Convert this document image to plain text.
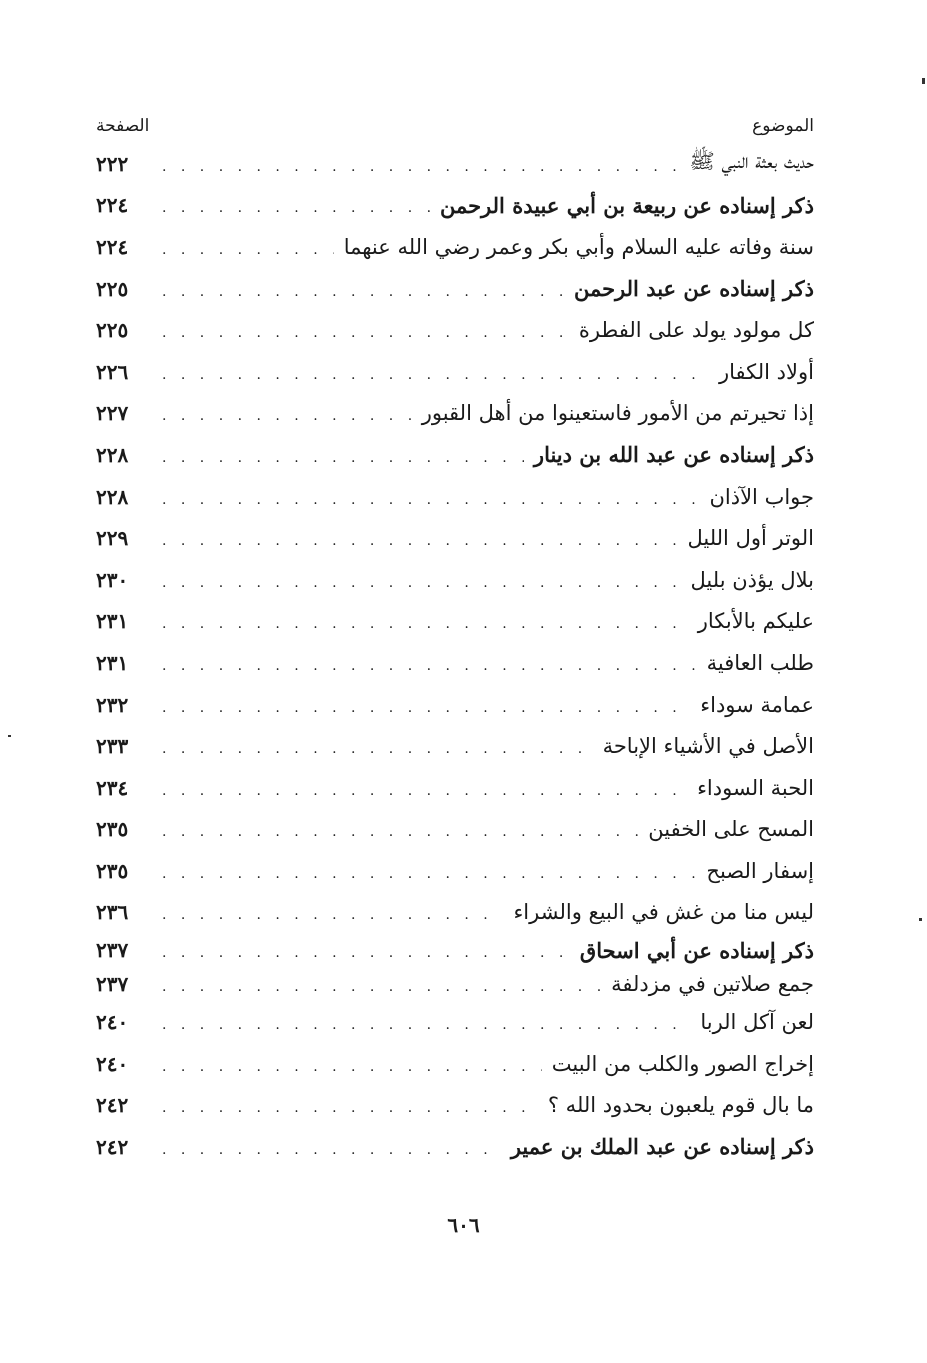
الموضوع
الصفحة
حديث بعثة النبي ﷺ
. . .
٢٢٢
ذكر إسناده عن ربيعة بن أبي عبيدة الرحمن
. . .
٢٢٤
سنة وفاته عليه السلام وأبي بكر وعمر رضي الله عنهما
. . .
٢٢٤
ذكر إسناده عن عبد الرحمن
. . .
٢٢٥
كل مولود يولد على الفطرة
. . .
٢٢٥
أولاد الكفار
. . .
٢٢٦
إذا تحيرتم من الأمور فاستعينوا من أهل القبور
. . .
٢٢٧
ذكر إسناده عن عبد الله بن دينار
. . .
٢٢٨
جواب الآذان
. . .
٢٢٨
الوتر أول الليل
. . .
٢٢٩
بلال يؤذن بليل
. . .
٢٣٠
عليكم بالأبكار
. . .
٢٣١
طلب العافية
. . .
٢٣١
عمامة سوداء
. . .
٢٣٢
الأصل في الأشياء الإباحة
. . .
٢٣٣
الحبة السوداء
. . .
٢٣٤
المسح على الخفين
. . .
٢٣٥
إسفار الصبح
. . .
٢٣٥
ليس منا من غش في البيع والشراء
. . .
٢٣٦
ذكر إسناده عن أبي اسحاق
. . .
٢٣٧
جمع صلاتين في مزدلفة
. . .
٢٣٧
لعن آكل الربا
. . .
٢٤٠
إخراج الصور والكلب من البيت
. . .
٢٤٠
ما بال قوم يلعبون بحدود الله ؟
. . .
٢٤٢
ذكر إسناده عن عبد الملك بن عمير
. . .
٢٤٢
٦٠٦
